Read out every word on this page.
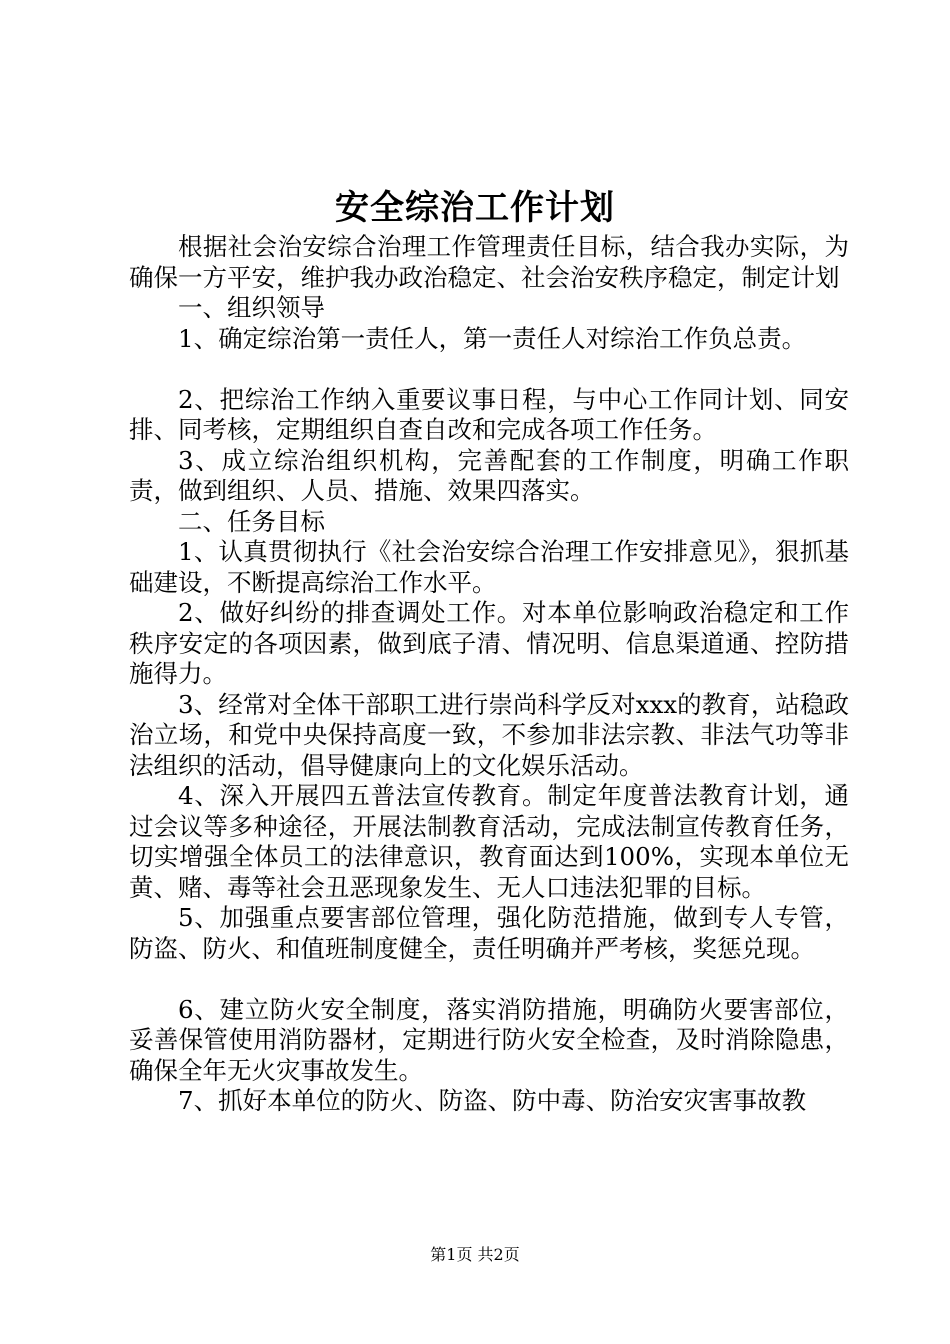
安全综治工作计划

根据社会治安综合治理工作管理责任目标，结合我办实际，为确保一方平安，维护我办政治稳定、社会治安秩序稳定，制定计划

一、组织领导

1、确定综治第一责任人，第一责任人对综治工作负总责。

2、把综治工作纳入重要议事日程，与中心工作同计划、同安排、同考核，定期组织自查自改和完成各项工作任务。

3、成立综治组织机构，完善配套的工作制度，明确工作职责，做到组织、人员、措施、效果四落实。

二、任务目标

1、认真贯彻执行《社会治安综合治理工作安排意见》，狠抓基础建设，不断提高综治工作水平。

2、做好纠纷的排查调处工作。对本单位影响政治稳定和工作秩序安定的各项因素，做到底子清、情况明、信息渠道通、控防措施得力。

3、经常对全体干部职工进行崇尚科学反对xxx的教育，站稳政治立场，和党中央保持高度一致，不参加非法宗教、非法气功等非法组织的活动，倡导健康向上的文化娱乐活动。

4、深入开展四五普法宣传教育。制定年度普法教育计划，通过会议等多种途径，开展法制教育活动，完成法制宣传教育任务，切实增强全体员工的法律意识，教育面达到100%，实现本单位无黄、赌、毒等社会丑恶现象发生、无人口违法犯罪的目标。

5、加强重点要害部位管理，强化防范措施，做到专人专管，防盗、防火、和值班制度健全，责任明确并严考核，奖惩兑现。

6、建立防火安全制度，落实消防措施，明确防火要害部位，妥善保管使用消防器材，定期进行防火安全检查，及时消除隐患，确保全年无火灾事故发生。

7、抓好本单位的防火、防盗、防中毒、防治安灾害事故教

第1页 共2页
